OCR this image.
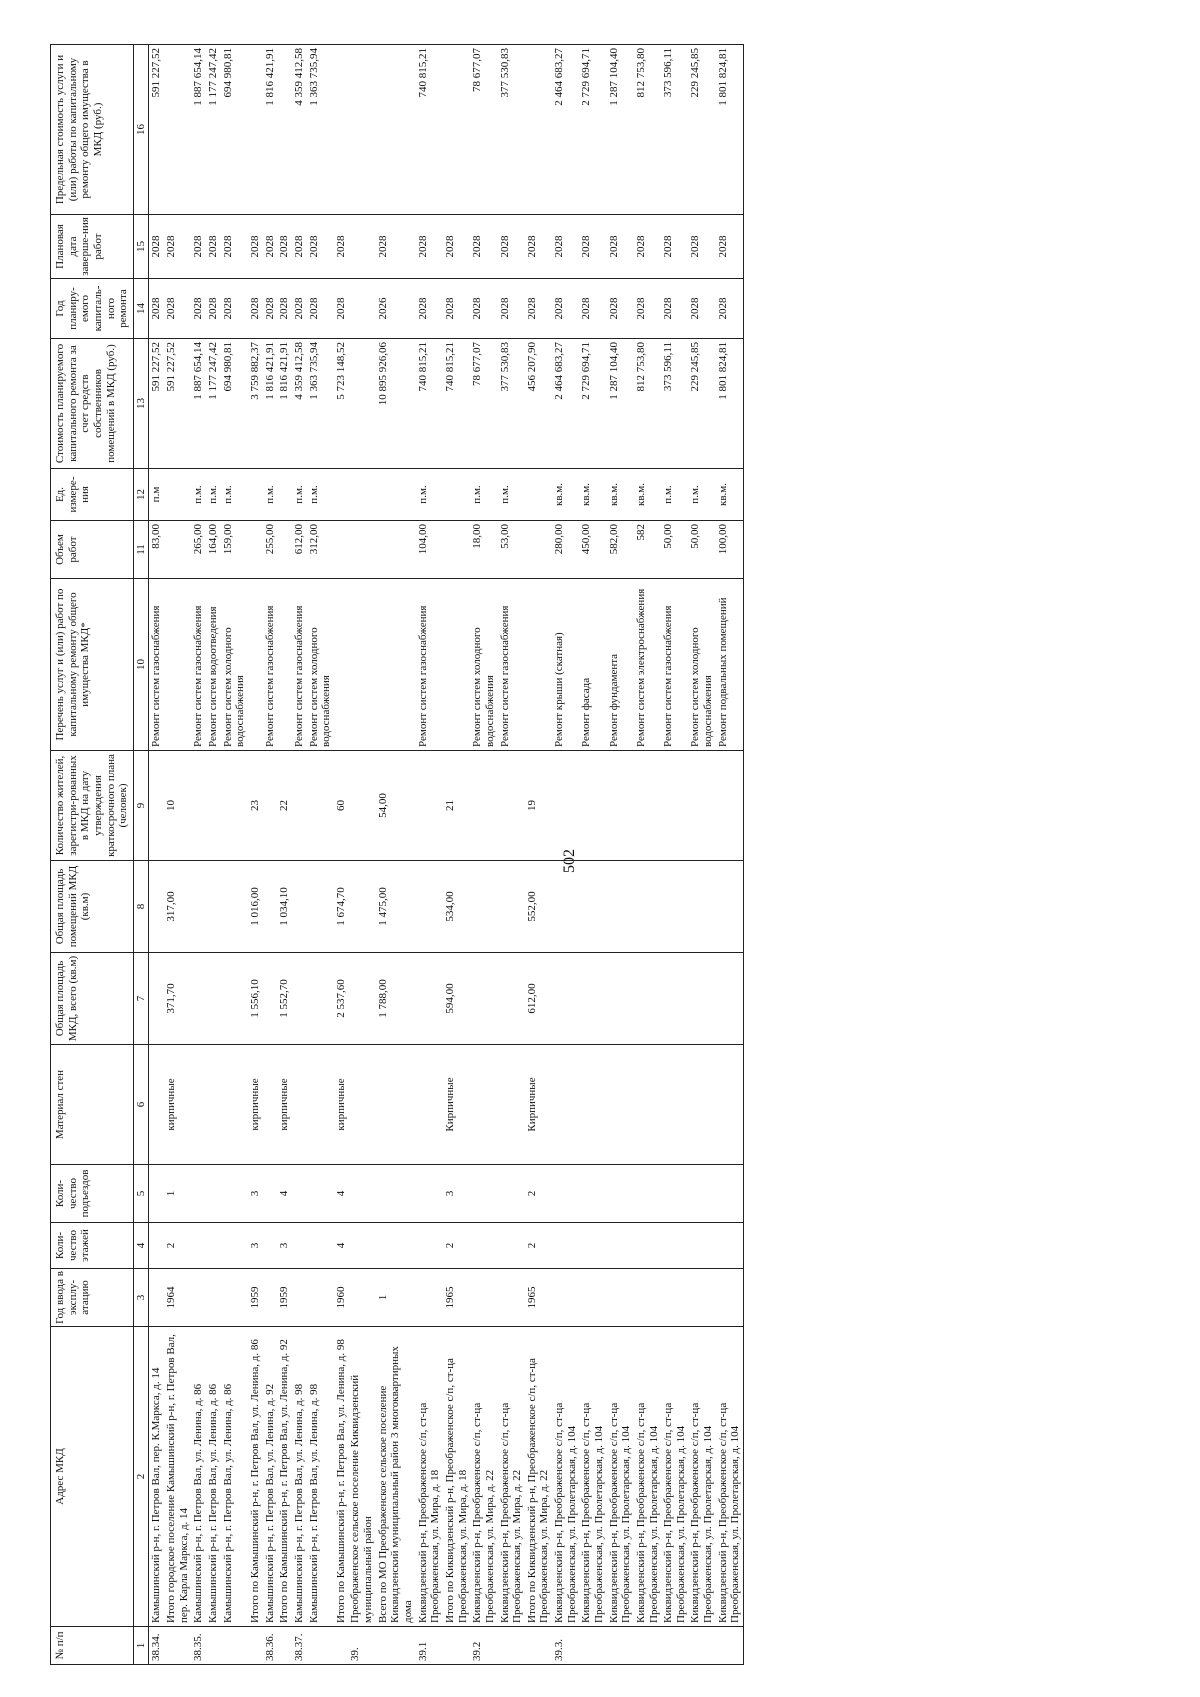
502
№ п/п	Адрес МКД	Год ввода в эксплу-атацию	Коли-чество этажей	Коли-чество подъездов	Материал стен	Общая площадь МКД, всего (кв.м)	Общая площадь помещений МКД (кв.м)	Количество жителей, зарегистри-рованных в МКД на дату утверждения краткосрочного плана (человек)	Перечень услуг и (или) работ по капитальному ремонту общего имущества МКД*	Объем работ	Ед. измере-ния	Стоимость планируемого капитального ремонта за счет средств собственников помещений в МКД (руб.)	Год планиру-емого капиталь-ного ремонта	Плановая дата заверше-ния работ	Предельная стоимость услуги и (или) работы по капитальному ремонту общего имущества в МКД (руб.)
1	2	3	4	5	6	7	8	9	10	11	12	13	14	15	16
38.34.	Камышинский р-н, г. Петров Вал, пер. К.Маркса, д. 14								Ремонт систем газоснабжения	83,00	п.м	591 227,52	2028	2028	591 227,52
	Итого городское поселение Камышинский р-н, г. Петров Вал, пер. Карла Маркса, д. 14	1964	2	1	кирпичные	371,70	317,00	10				591 227,52	2028	2028	
38.35.	Камышинский р-н, г. Петров Вал, ул. Ленина, д. 86								Ремонт систем газоснабжения	265,00	п.м.	1 887 654,14	2028	2028	1 887 654,14
	Камышинский р-н, г. Петров Вал, ул. Ленина, д. 86								Ремонт систем водоотведения	164,00	п.м.	1 177 247,42	2028	2028	1 177 247,42
	Камышинский р-н, г. Петров Вал, ул. Ленина, д. 86								Ремонт систем холодного водоснабжения	159,00	п.м.	694 980,81	2028	2028	694 980,81
	Итого по Камышинский р-н, г. Петров Вал, ул. Ленина, д. 86	1959	3	3	кирпичные	1 556,10	1 016,00	23				3 759 882,37	2028	2028	
38.36.	Камышинский р-н, г. Петров Вал, ул. Ленина, д. 92								Ремонт систем газоснабжения	255,00	п.м.	1 816 421,91	2028	2028	1 816 421,91
	Итого по Камышинский р-н, г. Петров Вал, ул. Ленина, д. 92	1959	3	4	кирпичные	1 552,70	1 034,10	22				1 816 421,91	2028	2028	
38.37.	Камышинский р-н, г. Петров Вал, ул. Ленина, д. 98								Ремонт систем газоснабжения	612,00	п.м.	4 359 412,58	2028	2028	4 359 412,58
	Камышинский р-н, г. Петров Вал, ул. Ленина, д. 98								Ремонт систем холодного водоснабжения	312,00	п.м.	1 363 735,94	2028	2028	1 363 735,94
	Итого по Камышинский р-н, г. Петров Вал, ул. Ленина, д. 98	1960	4	4	кирпичные	2 537,60	1 674,70	60				5 723 148,52	2028	2028	
39.	Преображенское сельское поселение Киквидзенский муниципальный район														
	Всего по МО Преображенское сельское поселение Киквидзенский муниципальный район 3 многоквартирных дома	1				1 788,00	1 475,00	54,00				10 895 926,06	2026	2028	
39.1	Киквидзенский р-н, Преображенское с/п, ст-ца Преображенская, ул. Мира, д. 18								Ремонт систем газоснабжения	104,00	п.м.	740 815,21	2028	2028	740 815,21
	Итого по Киквидзенский р-н, Преображенское с/п, ст-ца Преображенская, ул. Мира, д. 18	1965	2	3	Кирпичные	594,00	534,00	21				740 815,21	2028	2028	
39.2	Киквидзенский р-н, Преображенское с/п, ст-ца Преображенская, ул. Мира, д. 22								Ремонт систем холодного водоснабжения	18,00	п.м.	78 677,07	2028	2028	78 677,07
	Киквидзенский р-н, Преображенское с/п, ст-ца Преображенская, ул. Мира, д. 22								Ремонт систем газоснабжения	53,00	п.м.	377 530,83	2028	2028	377 530,83
	Итого по Киквидзенский р-н, Преображенское с/п, ст-ца Преображенская, ул. Мира, д. 22	1965	2	2	Кирпичные	612,00	552,00	19				456 207,90	2028	2028	
39.3.	Киквидзенский р-н, Преображенское с/п, ст-ца Преображенская, ул. Пролетарская, д. 104								Ремонт крыши (скатная)	280,00	кв.м.	2 464 683,27	2028	2028	2 464 683,27
	Киквидзенский р-н, Преображенское с/п, ст-ца Преображенская, ул. Пролетарская, д. 104								Ремонт фасада	450,00	кв.м.	2 729 694,71	2028	2028	2 729 694,71
	Киквидзенский р-н, Преображенское с/п, ст-ца Преображенская, ул. Пролетарская, д. 104								Ремонт фундамента	582,00	кв.м.	1 287 104,40	2028	2028	1 287 104,40
	Киквидзенский р-н, Преображенское с/п, ст-ца Преображенская, ул. Пролетарская, д. 104								Ремонт систем электроснабжения	582	кв.м.	812 753,80	2028	2028	812 753,80
	Киквидзенский р-н, Преображенское с/п, ст-ца Преображенская, ул. Пролетарская, д. 104								Ремонт систем газоснабжения	50,00	п.м.	373 596,11	2028	2028	373 596,11
	Киквидзенский р-н, Преображенское с/п, ст-ца Преображенская, ул. Пролетарская, д. 104								Ремонт систем холодного водоснабжения	50,00	п.м.	229 245,85	2028	2028	229 245,85
	Киквидзенский р-н, Преображенское с/п, ст-ца Преображенская, ул. Пролетарская, д. 104								Ремонт подвальных помещений	100,00	кв.м.	1 801 824,81	2028	2028	1 801 824,81
